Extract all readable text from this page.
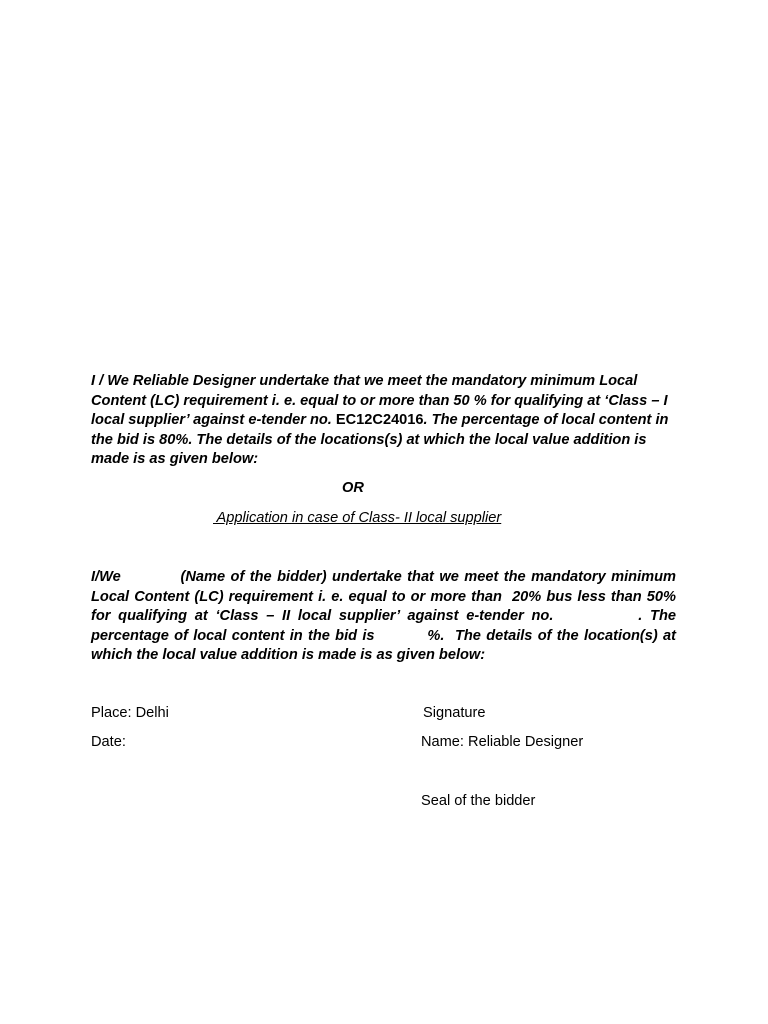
I / We Reliable Designer undertake that we meet the mandatory minimum Local Content (LC) requirement i. e. equal to or more than 50 % for qualifying at ‘Class – I local supplier’ against e-tender no. EC12C24016. The percentage of local content in the bid is 80%. The details of the locations(s) at which the local value addition is made is as given below:

OR
Application in case of Class- II local supplier

I/We           (Name of the bidder) undertake that we meet the mandatory minimum Local Content (LC) requirement i. e. equal to or more than  20% bus less than 50% for qualifying at ‘Class – II local supplier’ against e-tender no.           . The percentage of local content in the bid is          %.  The details of the location(s) at which the local value addition is made is as given below:

Place: Delhi
Date:
Signature
Name: Reliable Designer
Seal of the bidder
